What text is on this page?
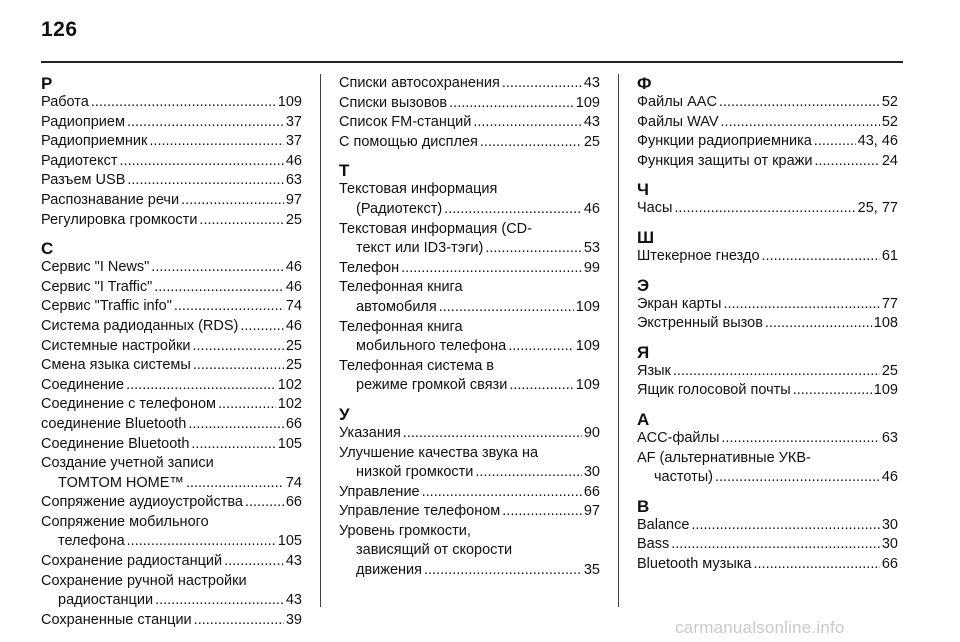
126
Р
Работа .....	109
Радиоприем .....	37
Радиоприемник .....	37
Радиотекст .....	46
Разъем USB .....	63
Распознавание речи .....	97
Регулировка громкости .....	25
С
Сервис "I News" .....	46
Сервис "I Traffic" .....	46
Сервис "Traffic info" .....	74
Система радиоданных (RDS) .....	46
Системные настройки .....	25
Смена языка системы .....	25
Соединение .....	102
Соединение с телефоном .....	102
соединение Bluetooth .....	66
Соединение Bluetooth .....	105
Создание учетной записи
TOMTOM HOME™ .....	74
Сопряжение аудиоустройства .....	66
Сопряжение мобильного
телефона .....	105
Сохранение радиостанций .....	43
Сохранение ручной настройки
радиостанции .....	43
Сохраненные станции .....	39
Списки автосохранения .....	43
Списки вызовов .....	109
Список FM-станций .....	43
С помощью дисплея .....	25
Т
Текстовая информация
(Радиотекст) .....	46
Текстовая информация (CD-
текст или ID3-тэги) .....	53
Телефон .....	99
Телефонная книга
автомобиля .....	109
Телефонная книга
мобильного телефона .....	109
Телефонная система в
режиме громкой связи .....	109
У
Указания .....	90
Улучшение качества звука на
низкой громкости .....	30
Управление .....	66
Управление телефоном .....	97
Уровень громкости,
зависящий от скорости
движения .....	35
Ф
Файлы AAC .....	52
Файлы WAV .....	52
Функции радиоприемника .....	43, 46
Функция защиты от кражи .....	24
Ч
Часы .....	25, 77
Ш
Штекерное гнездо .....	61
Э
Экран карты .....	77
Экстренный вызов .....	108
Я
Язык .....	25
Ящик голосовой почты .....	109
A
ACC-файлы .....	63
AF (альтернативные УКВ-
частоты) .....	46
B
Balance .....	30
Bass .....	30
Bluetooth музыка .....	66
carmanualsonline.info
